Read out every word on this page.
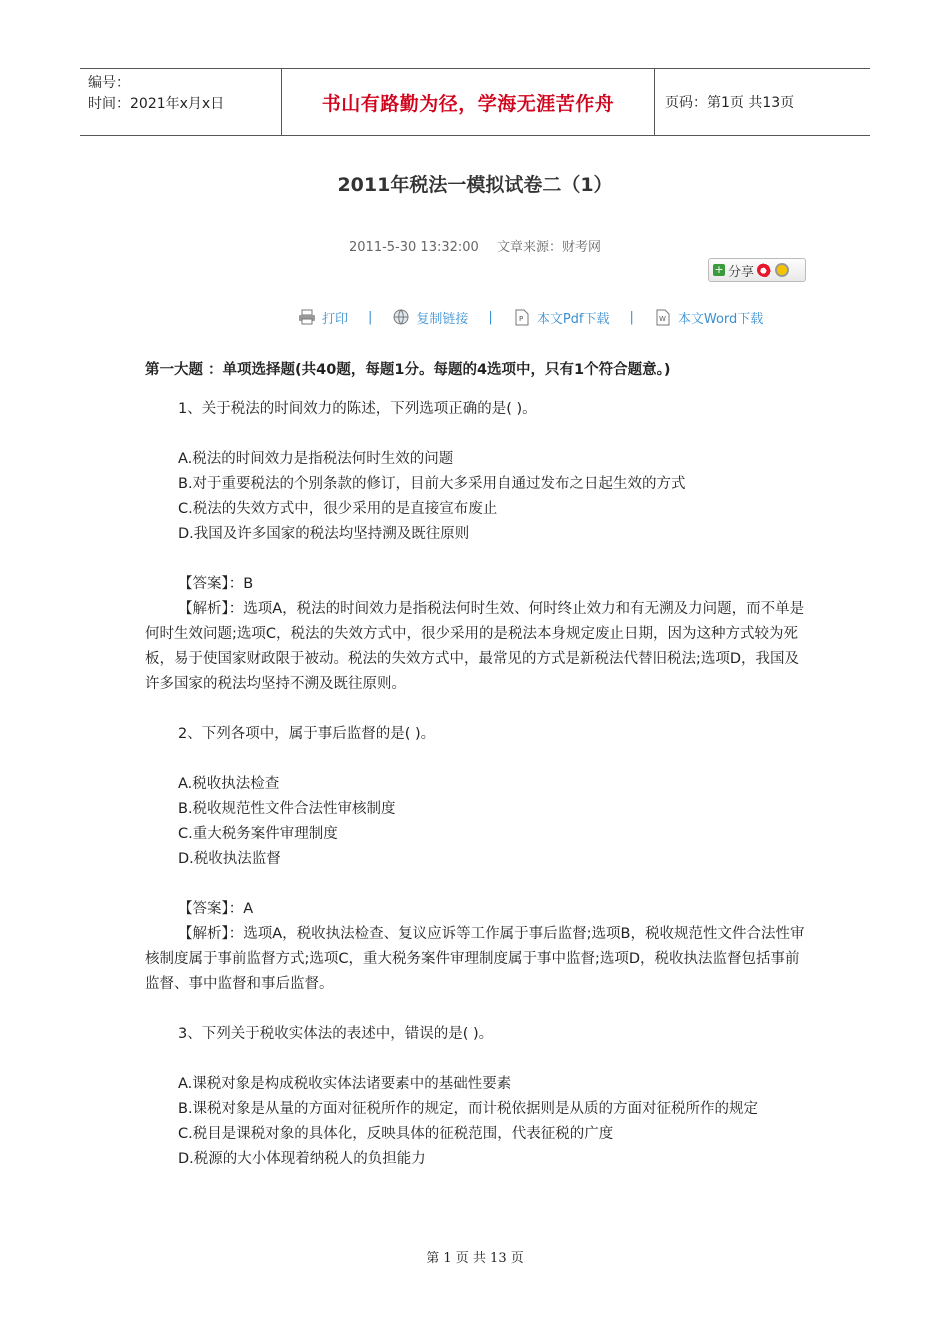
编号：
时间：2021年x月x日	书山有路勤为径，学海无涯苦作舟	页码：第1页 共13页
2011年税法一模拟试卷二（1）
2011-5-30 13:32:00 文章来源：财考网
+ 分享
打印 |	复制链接 |	P 本文Pdf下载 |	W 本文Word下载
第一大题 ：单项选择题(共40题，每题1分。每题的4选项中，只有1个符合题意。)
1、关于税法的时间效力的陈述，下列选项正确的是( )。
A.税法的时间效力是指税法何时生效的问题
B.对于重要税法的个别条款的修订，目前大多采用自通过发布之日起生效的方式
C.税法的失效方式中，很少采用的是直接宣布废止
D.我国及许多国家的税法均坚持溯及既往原则
【答案】：B
【解析】：选项A，税法的时间效力是指税法何时生效、何时终止效力和有无溯及力问题，而不单是何时生效问题;选项C，税法的失效方式中，很少采用的是税法本身规定废止日期，因为这种方式较为死板，易于使国家财政限于被动。税法的失效方式中，最常见的方式是新税法代替旧税法;选项D，我国及许多国家的税法均坚持不溯及既往原则。
2、下列各项中，属于事后监督的是( )。
A.税收执法检查
B.税收规范性文件合法性审核制度
C.重大税务案件审理制度
D.税收执法监督
【答案】：A
【解析】：选项A，税收执法检查、复议应诉等工作属于事后监督;选项B，税收规范性文件合法性审核制度属于事前监督方式;选项C，重大税务案件审理制度属于事中监督;选项D，税收执法监督包括事前监督、事中监督和事后监督。
3、下列关于税收实体法的表述中，错误的是( )。
A.课税对象是构成税收实体法诸要素中的基础性要素
B.课税对象是从量的方面对征税所作的规定，而计税依据则是从质的方面对征税所作的规定
C.税目是课税对象的具体化，反映具体的征税范围，代表征税的广度
D.税源的大小体现着纳税人的负担能力
第 1 页 共 13 页
